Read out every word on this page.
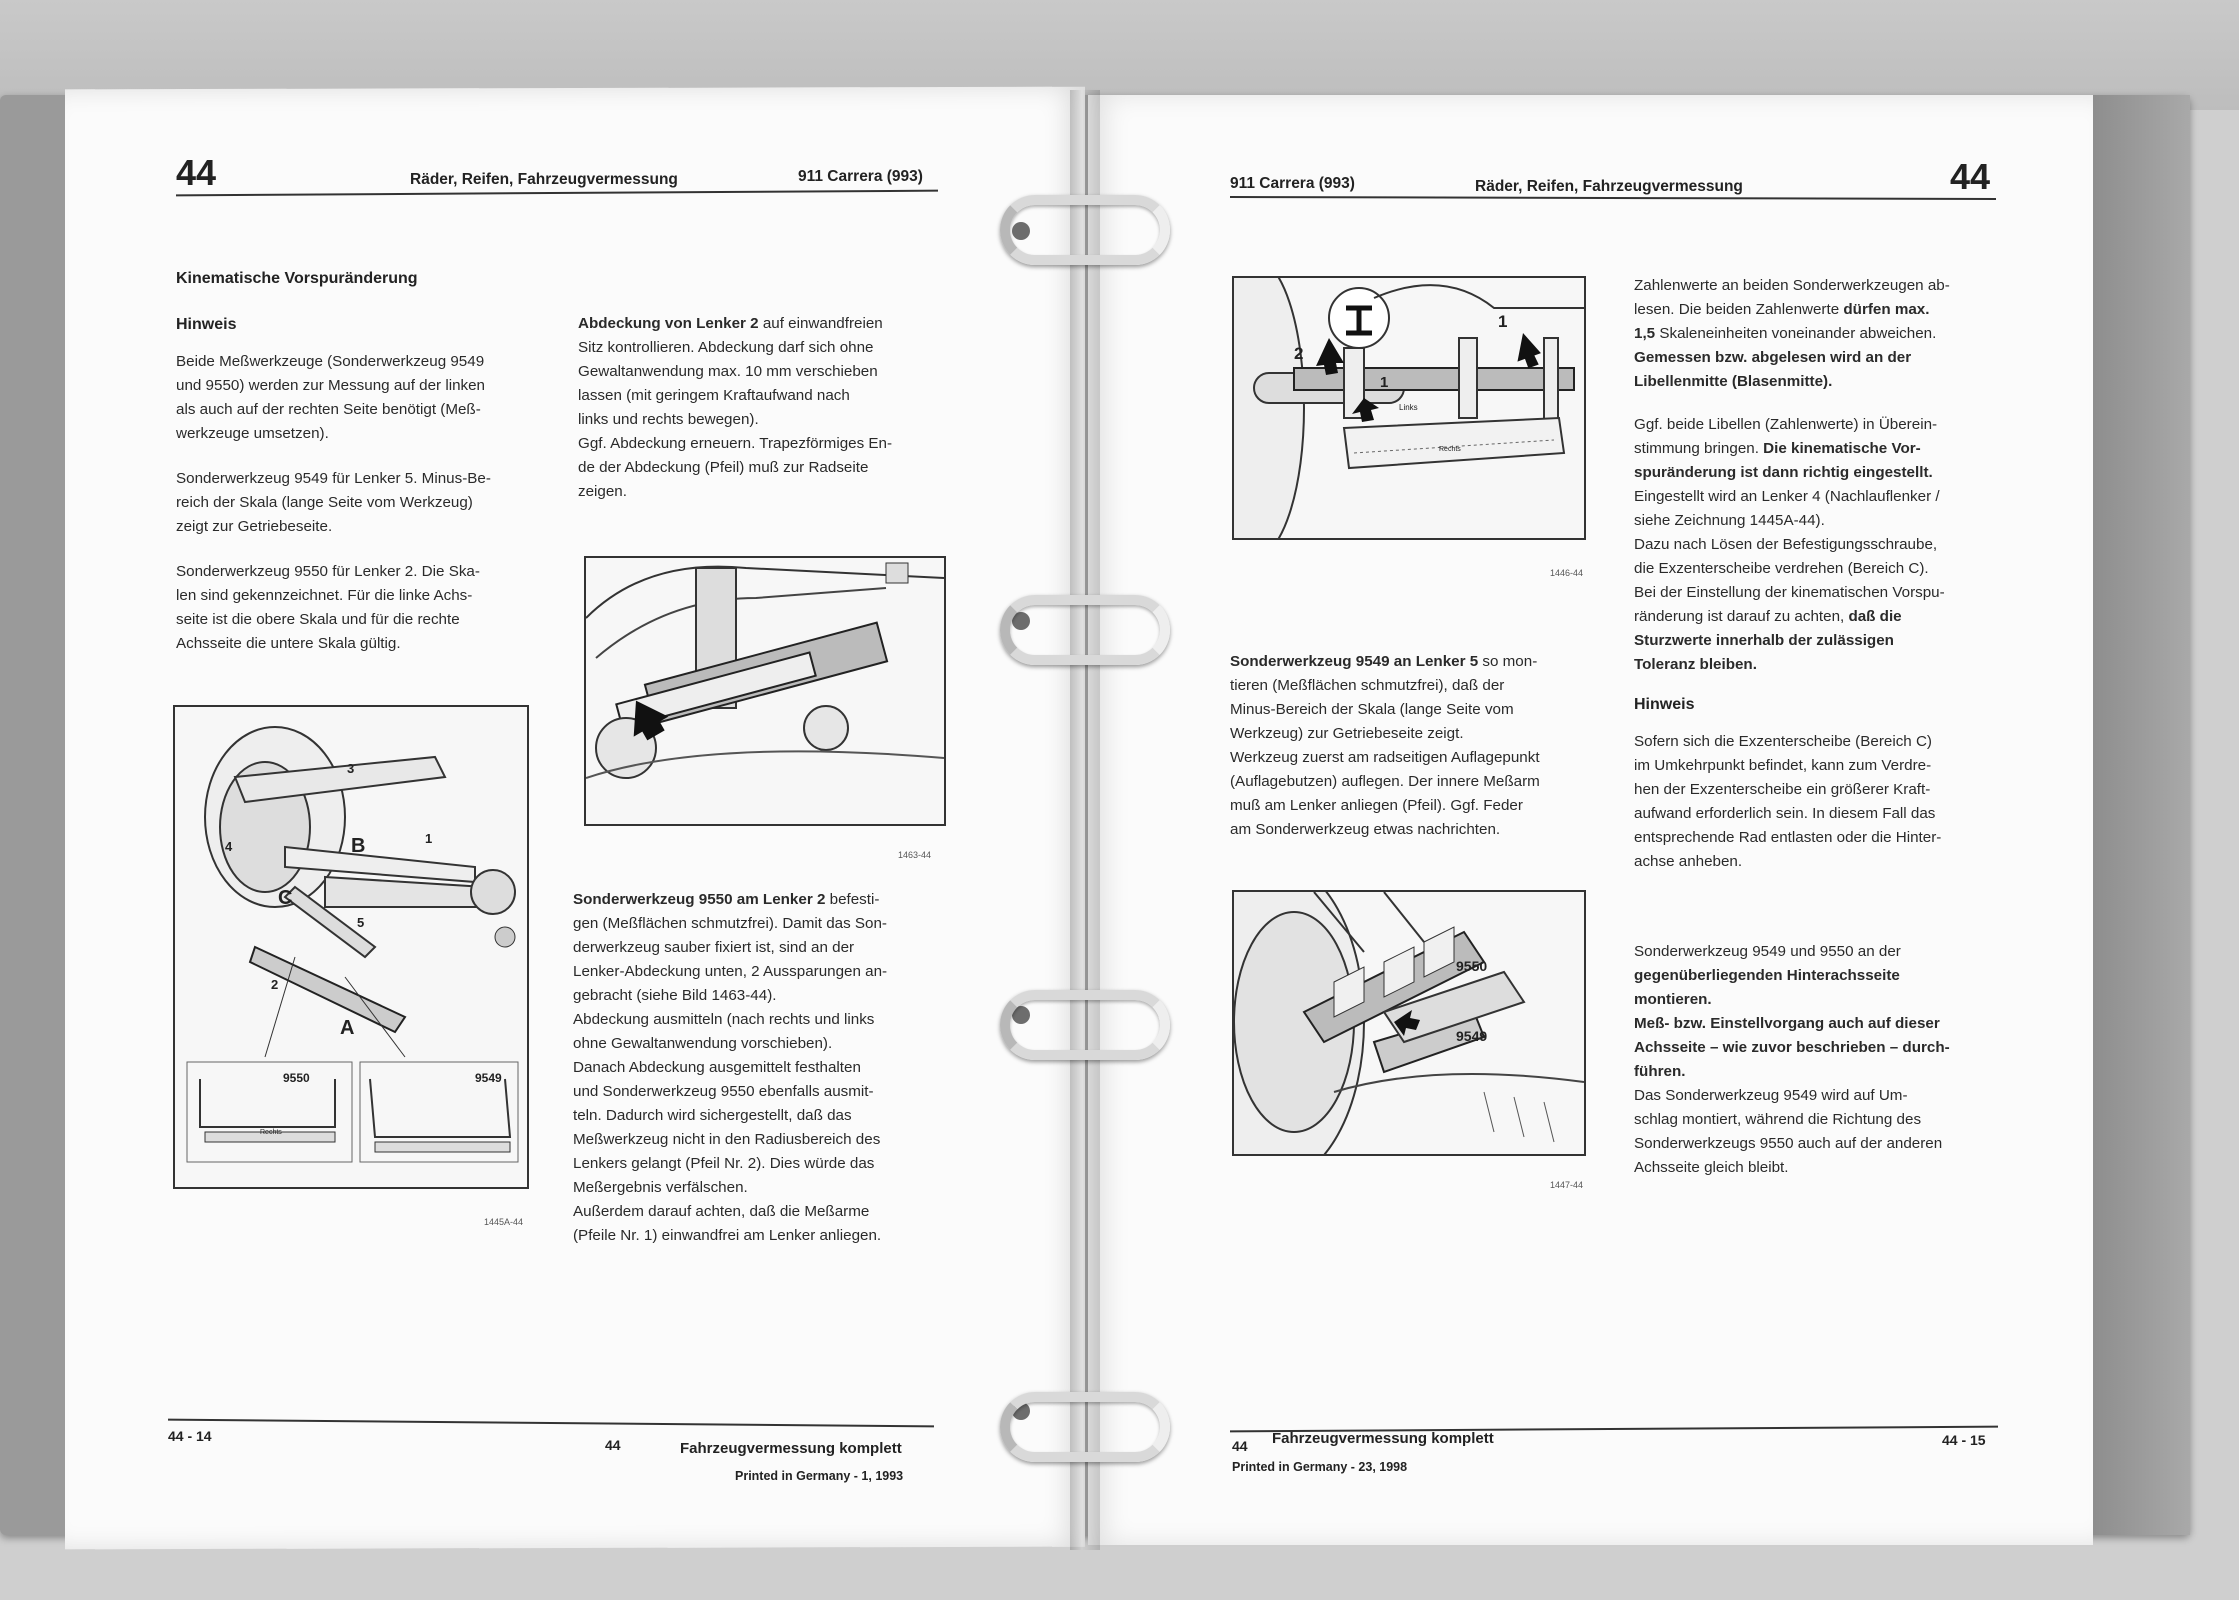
44	Räder, Reifen, Fahrzeugvermessung	911 Carrera (993)
Kinematische Vorspuränderung
Hinweis
Beide Meßwerkzeuge (Sonderwerkzeug 9549
und 9550) werden zur Messung auf der linken
als auch auf der rechten Seite benötigt (Meß-
werkzeuge umsetzen).
Sonderwerkzeug 9549 für Lenker 5. Minus-Be-
reich der Skala (lange Seite vom Werkzeug)
zeigt zur Getriebeseite.
Sonderwerkzeug 9550 für Lenker 2. Die Ska-
len sind gekennzeichnet. Für die linke Achs-
seite ist die obere Skala und für die rechte
Achsseite die untere Skala gültig.
Abdeckung von Lenker 2 auf einwandfreien
Sitz kontrollieren. Abdeckung darf sich ohne
Gewaltanwendung max. 10 mm verschieben
lassen (mit geringem Kraftaufwand nach
links und rechts bewegen).
Ggf. Abdeckung erneuern. Trapezförmiges En-
de der Abdeckung (Pfeil) muß zur Radseite
zeigen.
1463-44
Sonderwerkzeug 9550 am Lenker 2 befesti-
gen (Meßflächen schmutzfrei). Damit das Son-
derwerkzeug sauber fixiert ist, sind an der
Lenker-Abdeckung unten, 2 Aussparungen an-
gebracht (siehe Bild 1463-44).
Abdeckung ausmitteln (nach rechts und links
ohne Gewaltanwendung vorschieben).
Danach Abdeckung ausgemittelt festhalten
und Sonderwerkzeug 9550 ebenfalls ausmit-
teln. Dadurch wird sichergestellt, daß das
Meßwerkzeug nicht in den Radiusbereich des
Lenkers gelangt (Pfeil Nr. 2). Dies würde das
Meßergebnis verfälschen.
Außerdem darauf achten, daß die Meßarme
(Pfeile Nr. 1) einwandfrei am Lenker anliegen.
3
1
4	B
C
5
2
A
9550	9549
Rechts
1445A-44
44 - 14
44	Fahrzeugvermessung komplett
Printed in Germany - 1, 1993
911 Carrera (993)	Räder, Reifen, Fahrzeugvermessung	44
2
1
1
Links
Rechts
1446-44
Sonderwerkzeug 9549 an Lenker 5 so mon-
tieren (Meßflächen schmutzfrei), daß der
Minus-Bereich der Skala (lange Seite vom
Werkzeug) zur Getriebeseite zeigt.
Werkzeug zuerst am radseitigen Auflagepunkt
(Auflagebutzen) auflegen. Der innere Meßarm
muß am Lenker anliegen (Pfeil). Ggf. Feder
am Sonderwerkzeug etwas nachrichten.
9550
9549
1447-44
Zahlenwerte an beiden Sonderwerkzeugen ab-
lesen. Die beiden Zahlenwerte dürfen max.
1,5 Skaleneinheiten voneinander abweichen.
Gemessen bzw. abgelesen wird an der
Libellenmitte (Blasenmitte).
Ggf. beide Libellen (Zahlenwerte) in Überein-
stimmung bringen. Die kinematische Vor-
spuränderung ist dann richtig eingestellt.
Eingestellt wird an Lenker 4 (Nachlauflenker /
siehe Zeichnung 1445A-44).
Dazu nach Lösen der Befestigungsschraube,
die Exzenterscheibe verdrehen (Bereich C).
Bei der Einstellung der kinematischen Vorspu-
ränderung ist darauf zu achten, daß die
Sturzwerte innerhalb der zulässigen
Toleranz bleiben.
Hinweis
Sofern sich die Exzenterscheibe (Bereich C)
im Umkehrpunkt befindet, kann zum Verdre-
hen der Exzenterscheibe ein größerer Kraft-
aufwand erforderlich sein. In diesem Fall das
entsprechende Rad entlasten oder die Hinter-
achse anheben.
Sonderwerkzeug 9549 und 9550 an der
gegenüberliegenden Hinterachsseite
montieren.
Meß- bzw. Einstellvorgang auch auf dieser
Achsseite – wie zuvor beschrieben – durch-
führen.
Das Sonderwerkzeug 9549 wird auf Um-
schlag montiert, während die Richtung des
Sonderwerkzeugs 9550 auch auf der anderen
Achsseite gleich bleibt.
44 Fahrzeugvermessung komplett
Printed in Germany - 23, 1998
44 - 15
